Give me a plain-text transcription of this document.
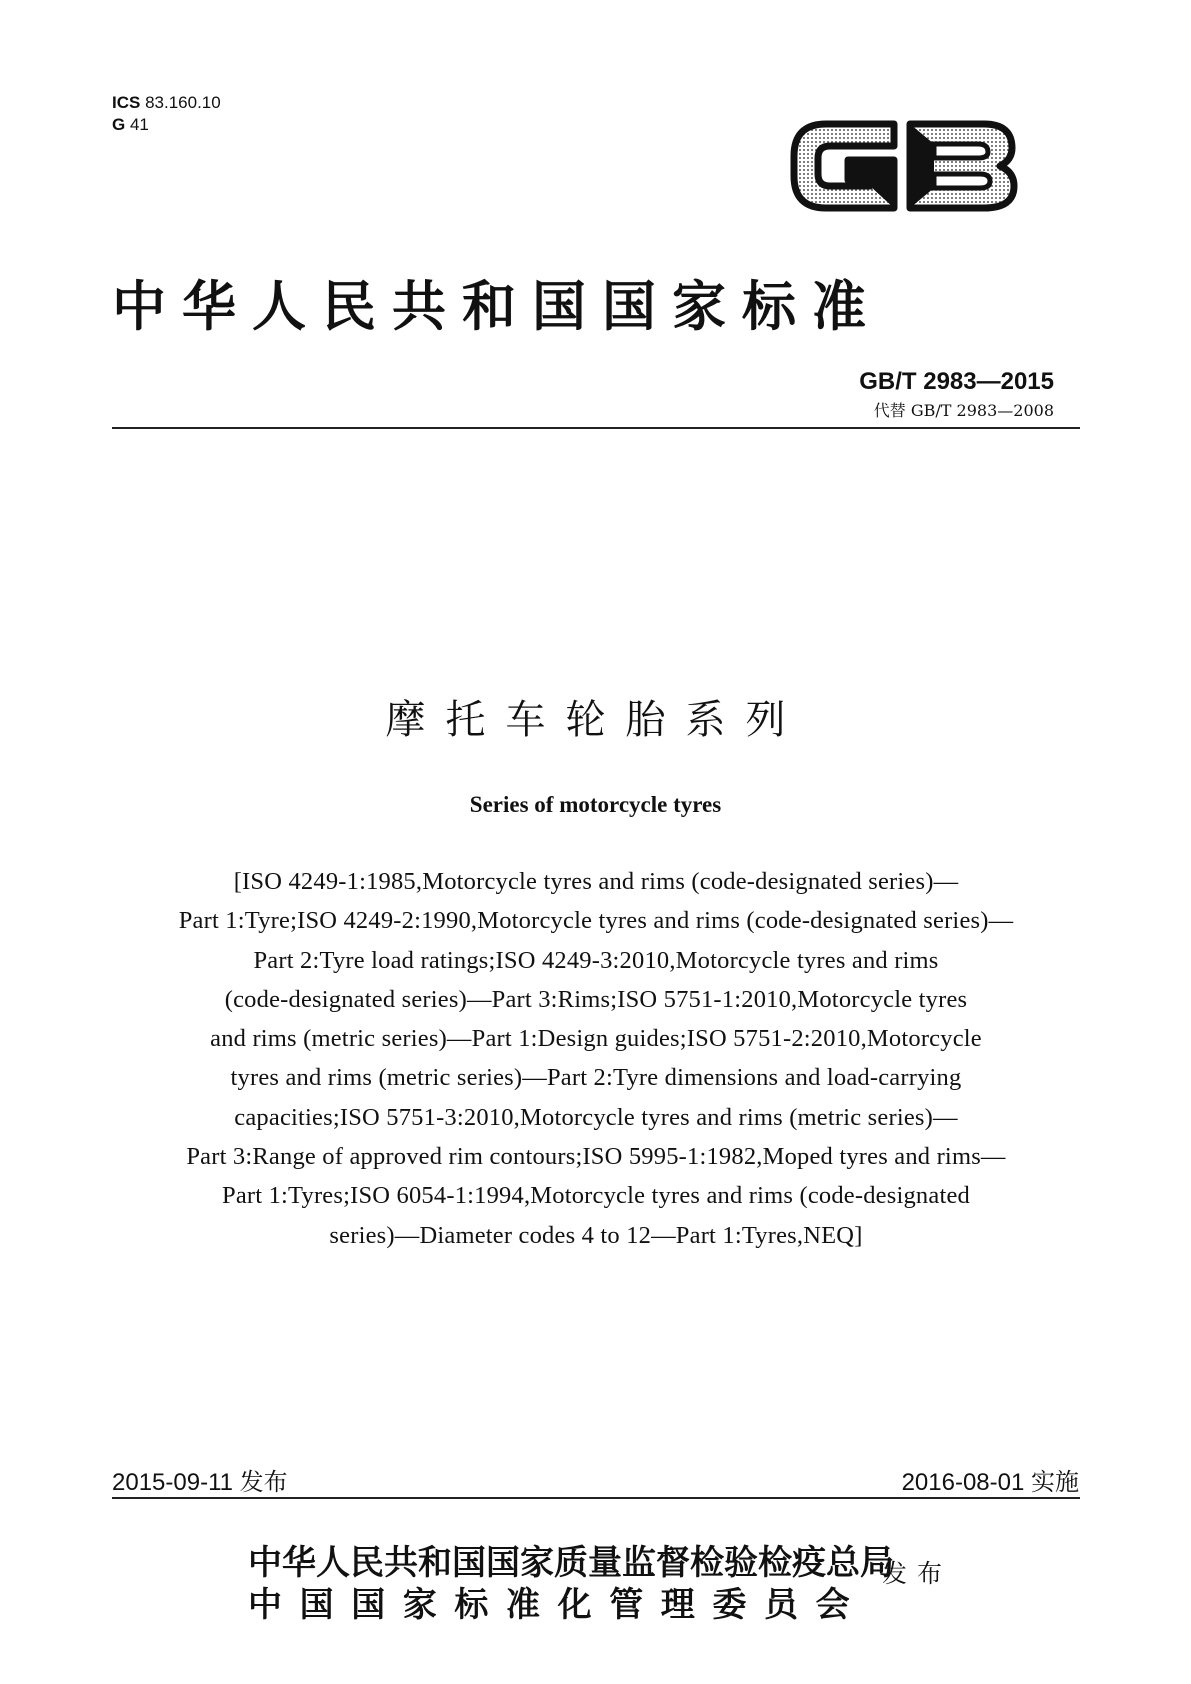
ICS 83.160.10
G 41
中华人民共和国国家标准
GB/T 2983—2015
代替 GB/T 2983—2008
摩托车轮胎系列
Series of motorcycle tyres
[ISO 4249-1:1985,Motorcycle tyres and rims (code-designated series)—
Part 1:Tyre;ISO 4249-2:1990,Motorcycle tyres and rims (code-designated series)—
Part 2:Tyre load ratings;ISO 4249-3:2010,Motorcycle tyres and rims
(code-designated series)—Part 3:Rims;ISO 5751-1:2010,Motorcycle tyres
and rims (metric series)—Part 1:Design guides;ISO 5751-2:2010,Motorcycle
tyres and rims (metric series)—Part 2:Tyre dimensions and load-carrying
capacities;ISO 5751-3:2010,Motorcycle tyres and rims (metric series)—
Part 3:Range of approved rim contours;ISO 5995-1:1982,Moped tyres and rims—
Part 1:Tyres;ISO 6054-1:1994,Motorcycle tyres and rims (code-designated
series)—Diameter codes 4 to 12—Part 1:Tyres,NEQ]
2015-09-11 发布	2016-08-01 实施
中华人民共和国国家质量监督检验检疫总局
中国国家标准化管理委员会
发布
